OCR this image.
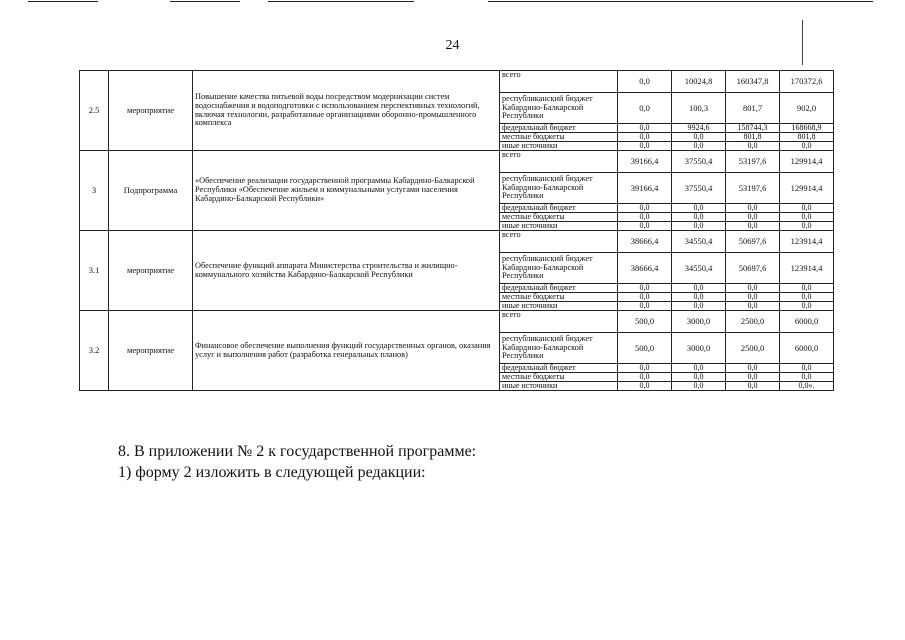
24
2.5	мероприятие	Повышение качества питьевой воды посредством модернизации систем водоснабжения и водоподготовки с использованием перспективных технологий, включая технологии, разработанные организациями оборонно-промышленного комплекса	всего	0,0	10024,8	160347,8	170372,6
			республиканский бюджет Кабардино-Балкарской Республики	0,0	100,3	801,7	902,0
			федеральный бюджет	0,0	9924,6	158744,3	168668,9
			местные бюджеты	0,0	0,0	801,8	801,8
			иные источники	0,0	0,0	0,0	0,0
3	Подпрограмма	«Обеспечение реализации государственной программы Кабардино-Балкарской Республики «Обеспечение жильем и коммунальными услугами населения Кабардино-Балкарской Республики»	всего	39166,4	37550,4	53197,6	129914,4
			республиканский бюджет Кабардино-Балкарской Республики	39166,4	37550,4	53197,6	129914,4
			федеральный бюджет	0,0	0,0	0,0	0,0
			местные бюджеты	0,0	0,0	0,0	0,0
			иные источники	0,0	0,0	0,0	0,0
3.1	мероприятие	Обеспечение функций аппарата Министерства строительства и жилищно-коммунального хозяйства Кабардино-Балкарской Республики	всего	38666,4	34550,4	50697,6	123914,4
			республиканский бюджет Кабардино-Балкарской Республики	38666,4	34550,4	50697,6	123914,4
			федеральный бюджет	0,0	0,0	0,0	0,0
			местные бюджеты	0,0	0,0	0,0	0,0
			иные источники	0,0	0,0	0,0	0,0
3.2	мероприятие	Финансовое обеспечение выполнения функций государственных органов, оказания услуг и выполнения работ (разработка генеральных планов)	всего	500,0	3000,0	2500,0	6000,0
			республиканский бюджет Кабардино-Балкарской Республики	500,0	3000,0	2500,0	6000,0
			федеральный бюджет	0,0	0,0	0,0	0,0
			местные бюджеты	0,0	0,0	0,0	0,0
			иные источники	0,0	0,0	0,0	0,0».
8. В приложении № 2 к государственной программе:
1) форму 2 изложить в следующей редакции:
